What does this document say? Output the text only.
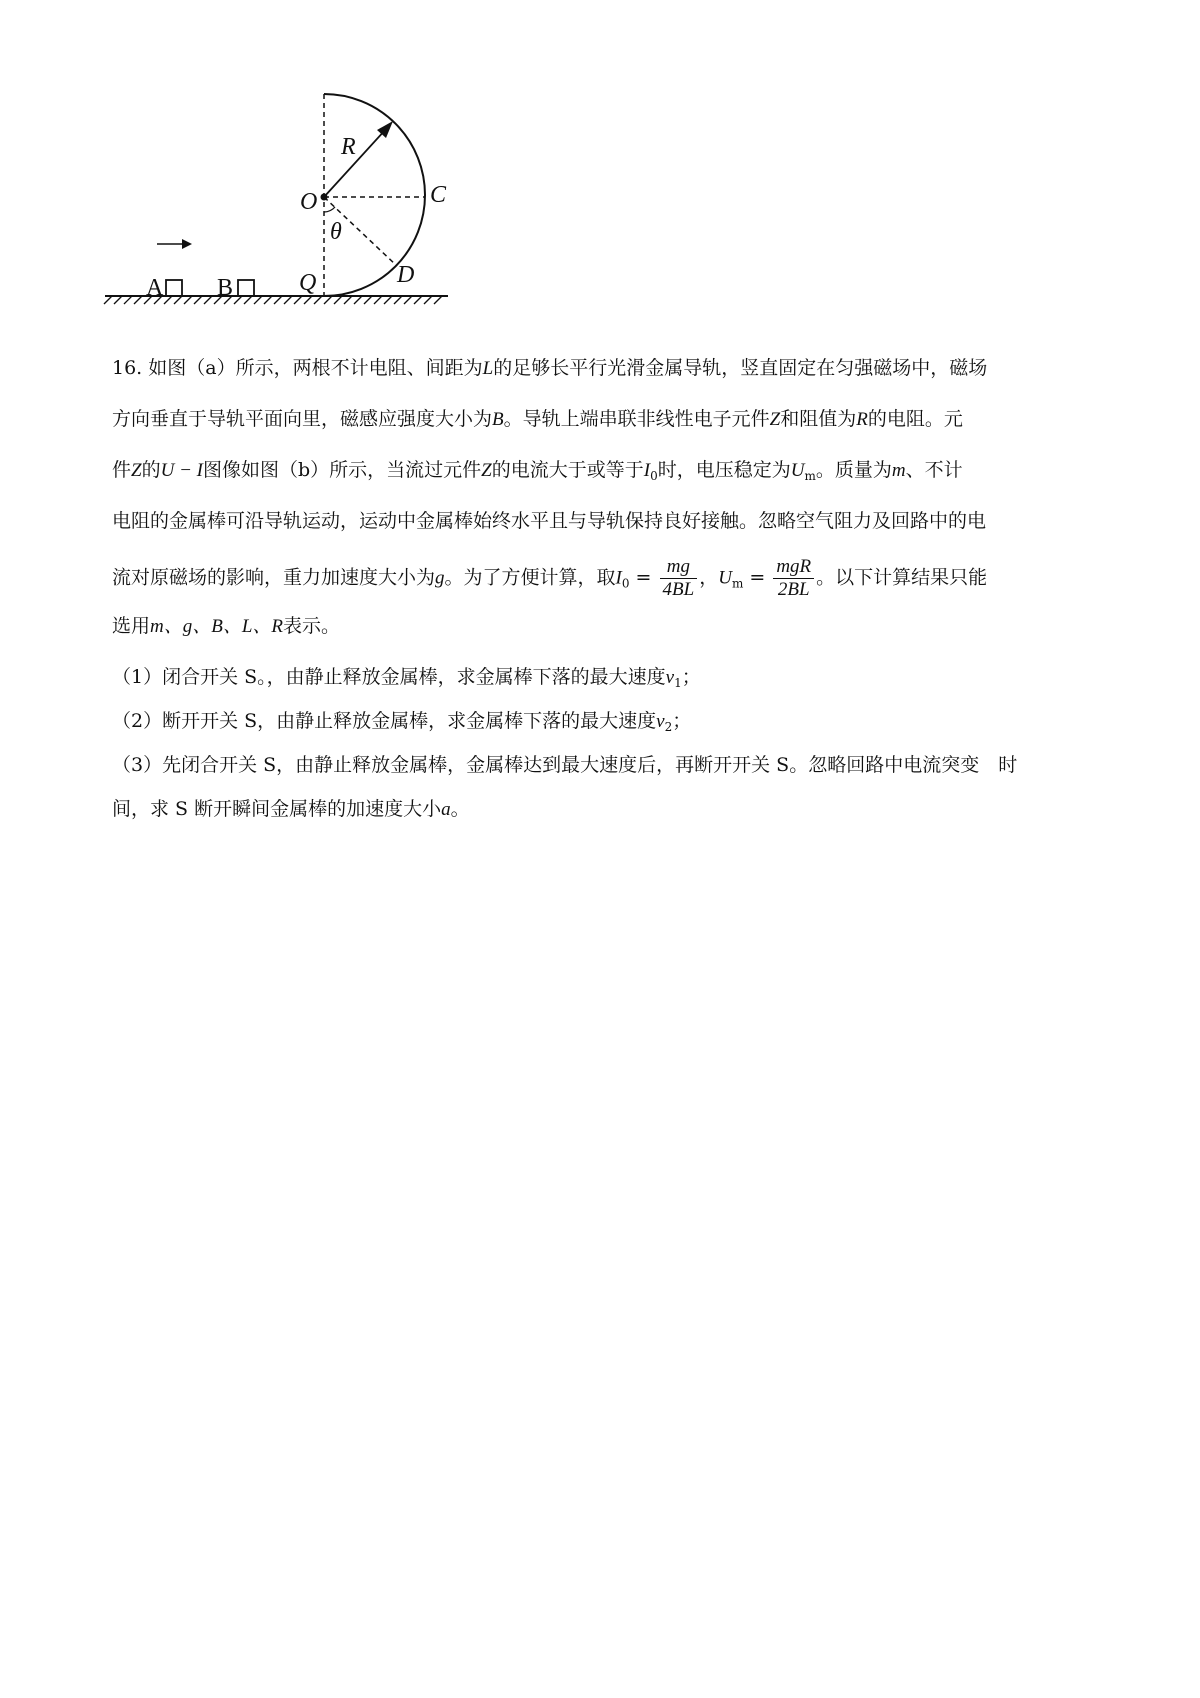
R
O	C
θ
D
Q
A B
16. 如图（a）所示，两根不计电阻、间距为L的足够长平行光滑金属导轨，竖直固定在匀强磁场中，磁场
方向垂直于导轨平面向里，磁感应强度大小为B。导轨上端串联非线性电子元件Z和阻值为R的电阻。元
件Z的U − I图像如图（b）所示，当流过元件Z的电流大于或等于$I_0$时，电压稳定为$U_m$。质量为m、不计
电阻的金属棒可沿导轨运动，运动中金属棒始终水平且与导轨保持良好接触。忽略空气阻力及回路中的电
流对原磁场的影响，重力加速度大小为g。为了方便计算，取$I_0 = \frac{mg}{4BL}$ ，$U_m = \frac{\text{mgR}}{2BL}$ 。以下计算结果只能
选用m、g、B、L、R表示。
（1）闭合开关 S。，由静止释放金属棒，求金属棒下落的最大速度$v_1$；
（2）断开开关 S，由静止释放金属棒，求金属棒下落的最大速度$v_2$；
（3）先闭合开关 S，由静止释放金属棒，金属棒达到最大速度后，再断开开关 S。忽略回路中电流突变　时
间，求 S 断开瞬间金属棒的加速度大小a。
